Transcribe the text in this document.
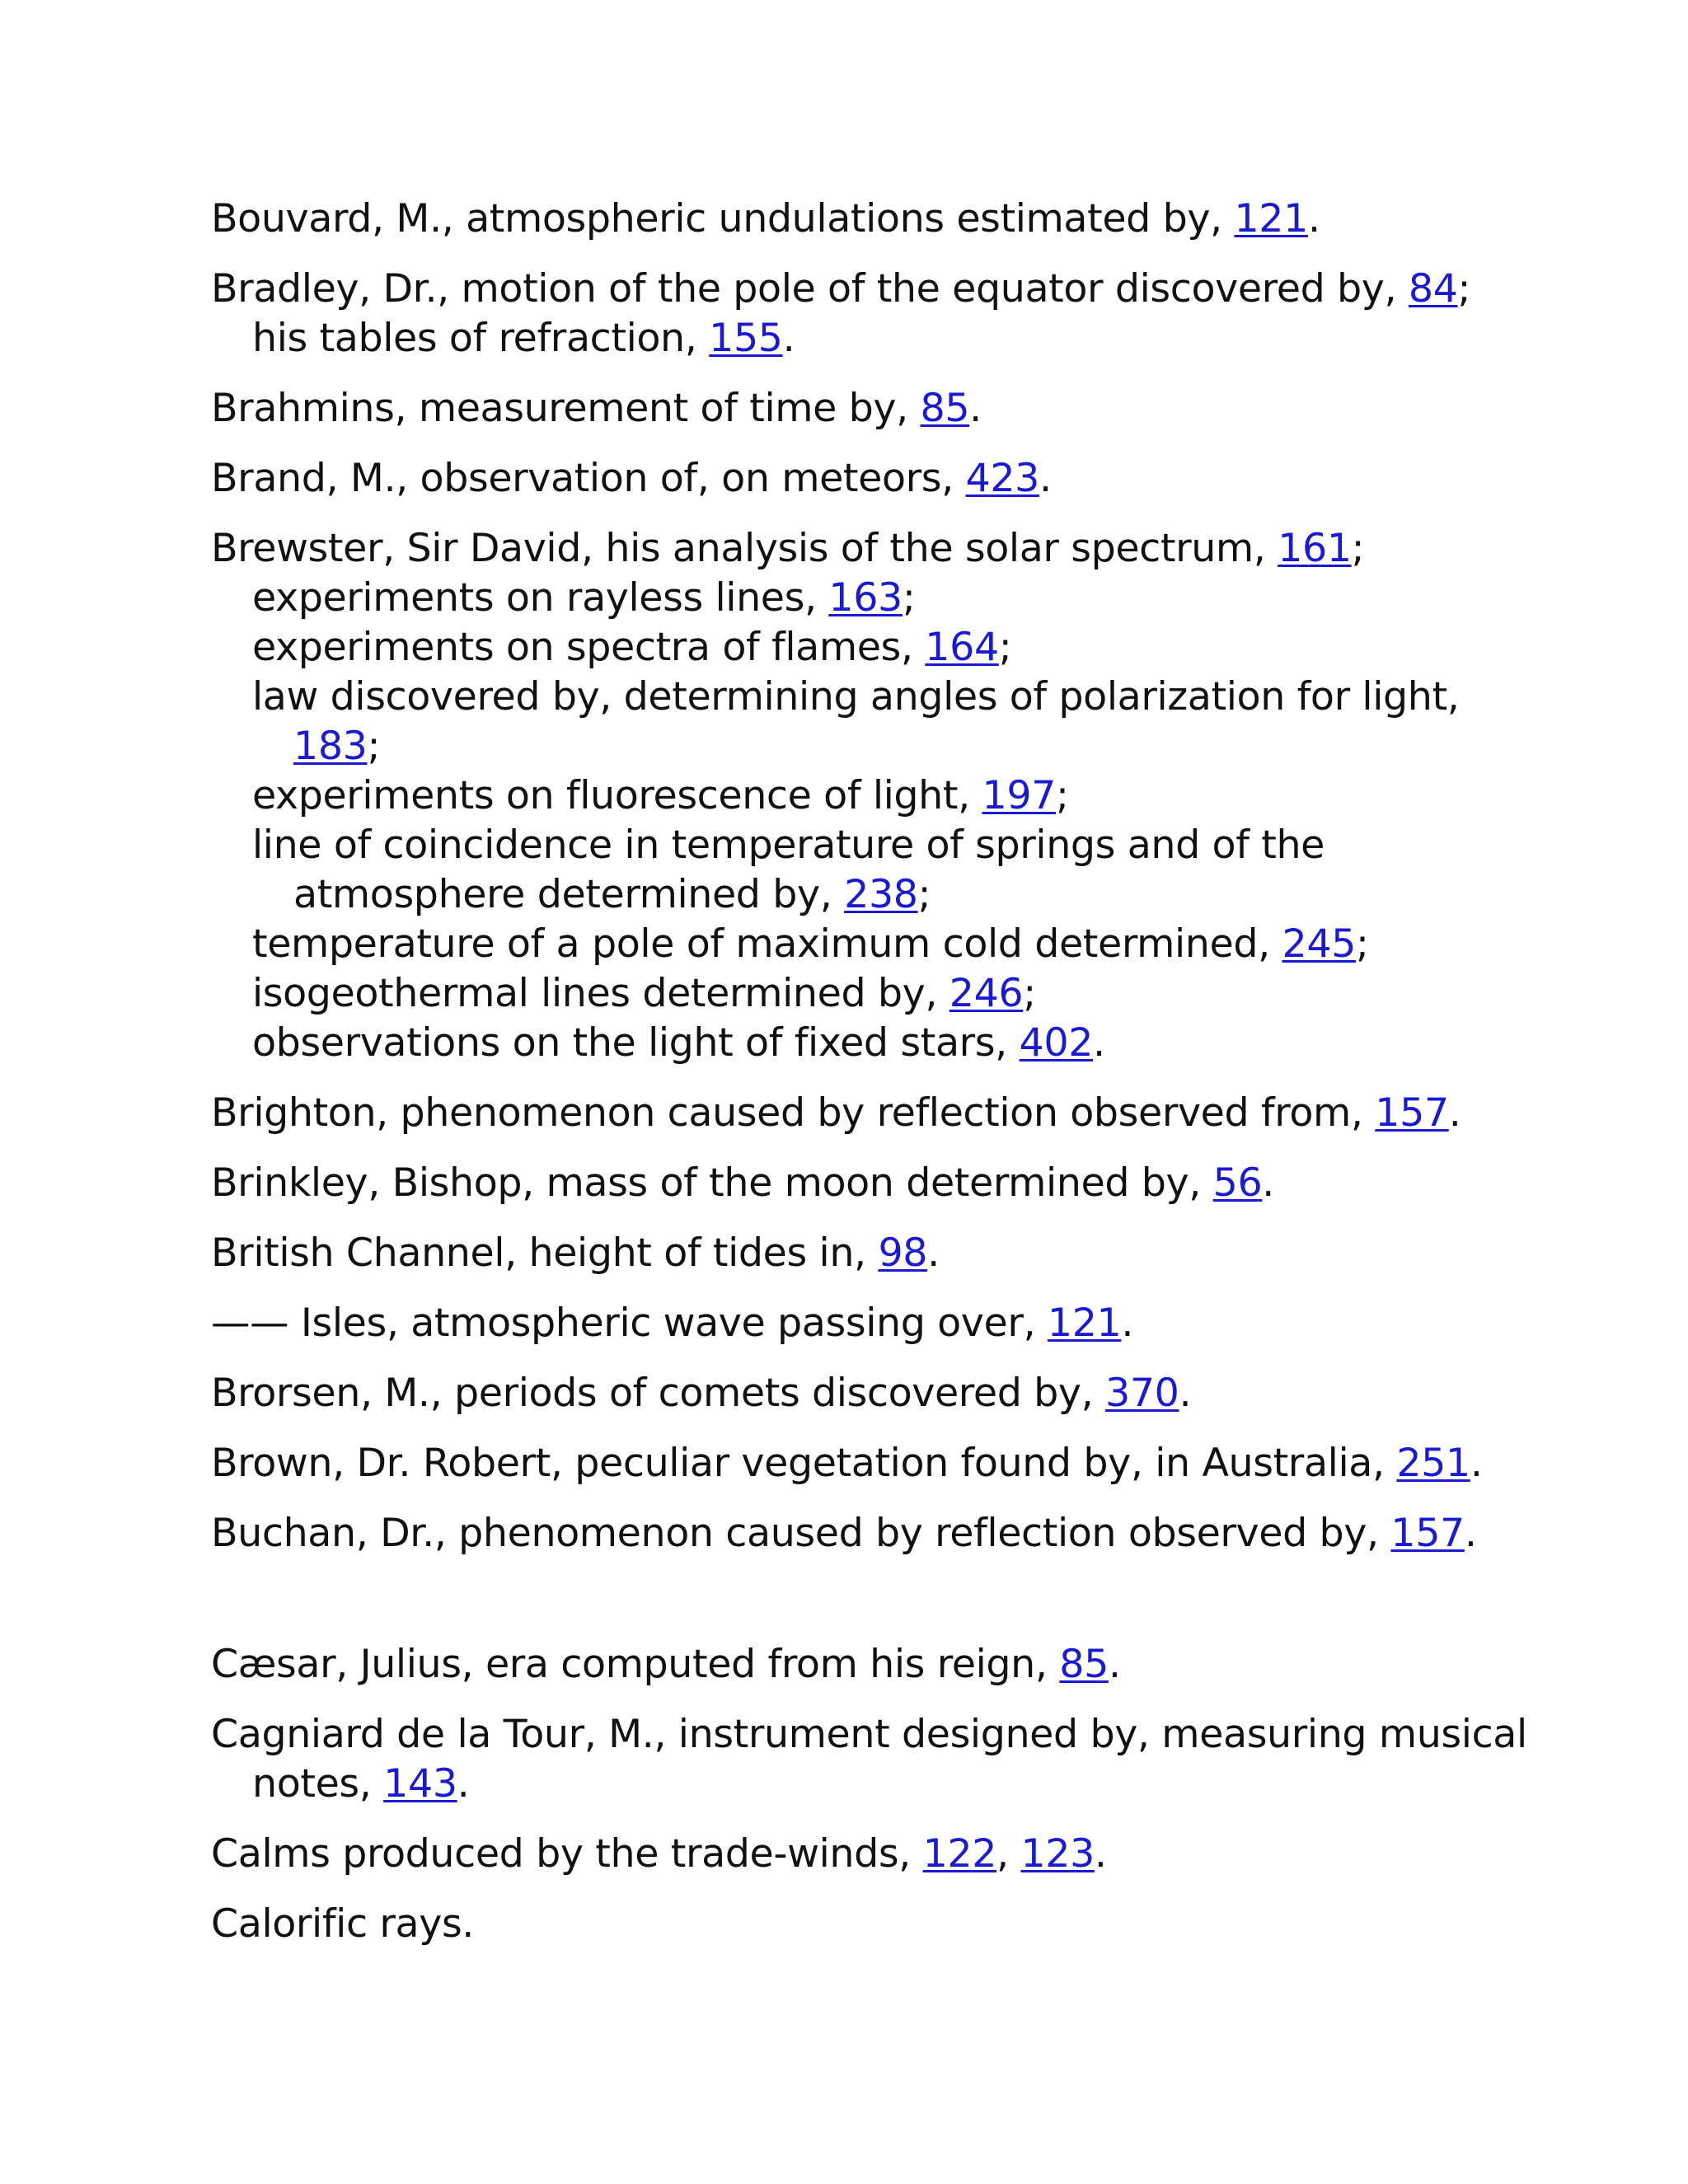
Bouvard, M., atmospheric undulations estimated by, 121.
Bradley, Dr., motion of the pole of the equator discovered by, 84;
his tables of refraction, 155.
Brahmins, measurement of time by, 85.
Brand, M., observation of, on meteors, 423.
Brewster, Sir David, his analysis of the solar spectrum, 161;
experiments on rayless lines, 163;
experiments on spectra of flames, 164;
law discovered by, determining angles of polarization for light,
183;
experiments on fluorescence of light, 197;
line of coincidence in temperature of springs and of the
atmosphere determined by, 238;
temperature of a pole of maximum cold determined, 245;
isogeothermal lines determined by, 246;
observations on the light of fixed stars, 402.
Brighton, phenomenon caused by reflection observed from, 157.
Brinkley, Bishop, mass of the moon determined by, 56.
British Channel, height of tides in, 98.
—— Isles, atmospheric wave passing over, 121.
Brorsen, M., periods of comets discovered by, 370.
Brown, Dr. Robert, peculiar vegetation found by, in Australia, 251.
Buchan, Dr., phenomenon caused by reflection observed by, 157.
Cæsar, Julius, era computed from his reign, 85.
Cagniard de la Tour, M., instrument designed by, measuring musical
notes, 143.
Calms produced by the trade-winds, 122, 123.
Calorific rays.
